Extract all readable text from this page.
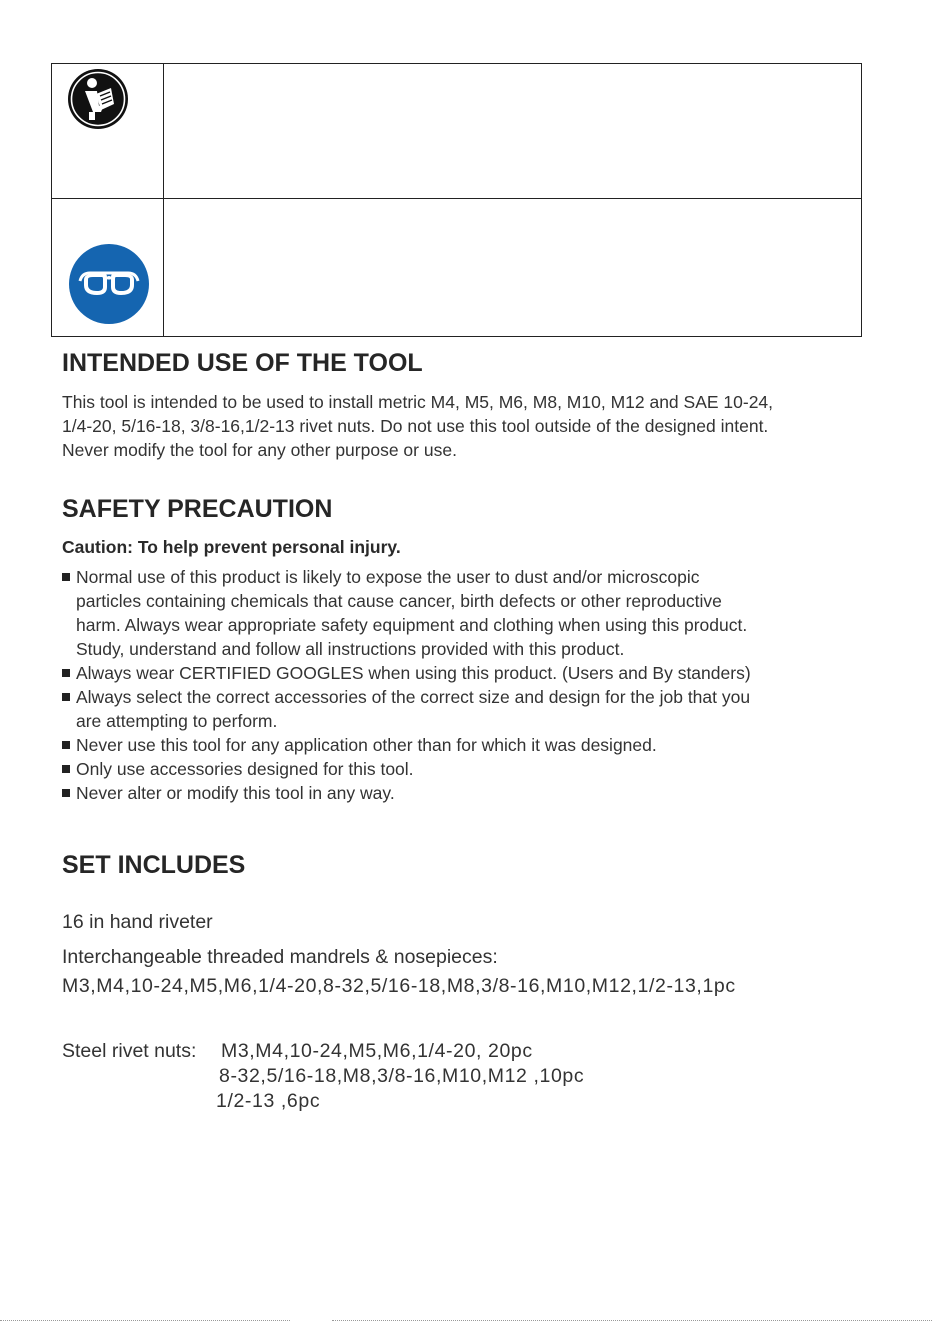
INTENDED USE OF THE TOOL
This tool is intended to be used to install metric M4, M5, M6, M8, M10, M12 and SAE 10-24,
1/4-20, 5/16-18, 3/8-16,1/2-13 rivet nuts. Do not use this tool outside of the designed intent.
Never modify the tool for any other purpose or use.
SAFETY PRECAUTION
Caution: To help prevent personal injury.
Normal use of this product is likely to expose the user to dust and/or microscopic
particles containing chemicals that cause cancer, birth defects or other reproductive
harm. Always wear appropriate safety equipment and clothing when using this product.
Study, understand and follow all instructions provided with this product.
Always wear CERTIFIED GOOGLES when using this product. (Users and By standers)
Always select the correct accessories of the correct size and design for the job that you
are attempting to perform.
Never use this tool for any application other than for which it was designed.
Only use accessories designed for this tool.
Never alter or modify this tool in any way.
SET INCLUDES
16 in hand riveter
Interchangeable threaded mandrels & nosepieces:
M3,M4,10-24,M5,M6,1/4-20,8-32,5/16-18,M8,3/8-16,M10,M12,1/2-13,1pc
Steel rivet nuts: M3,M4,10-24,M5,M6,1/4-20, 20pc
8-32,5/16-18,M8,3/8-16,M10,M12 ,10pc
1/2-13 ,6pc
